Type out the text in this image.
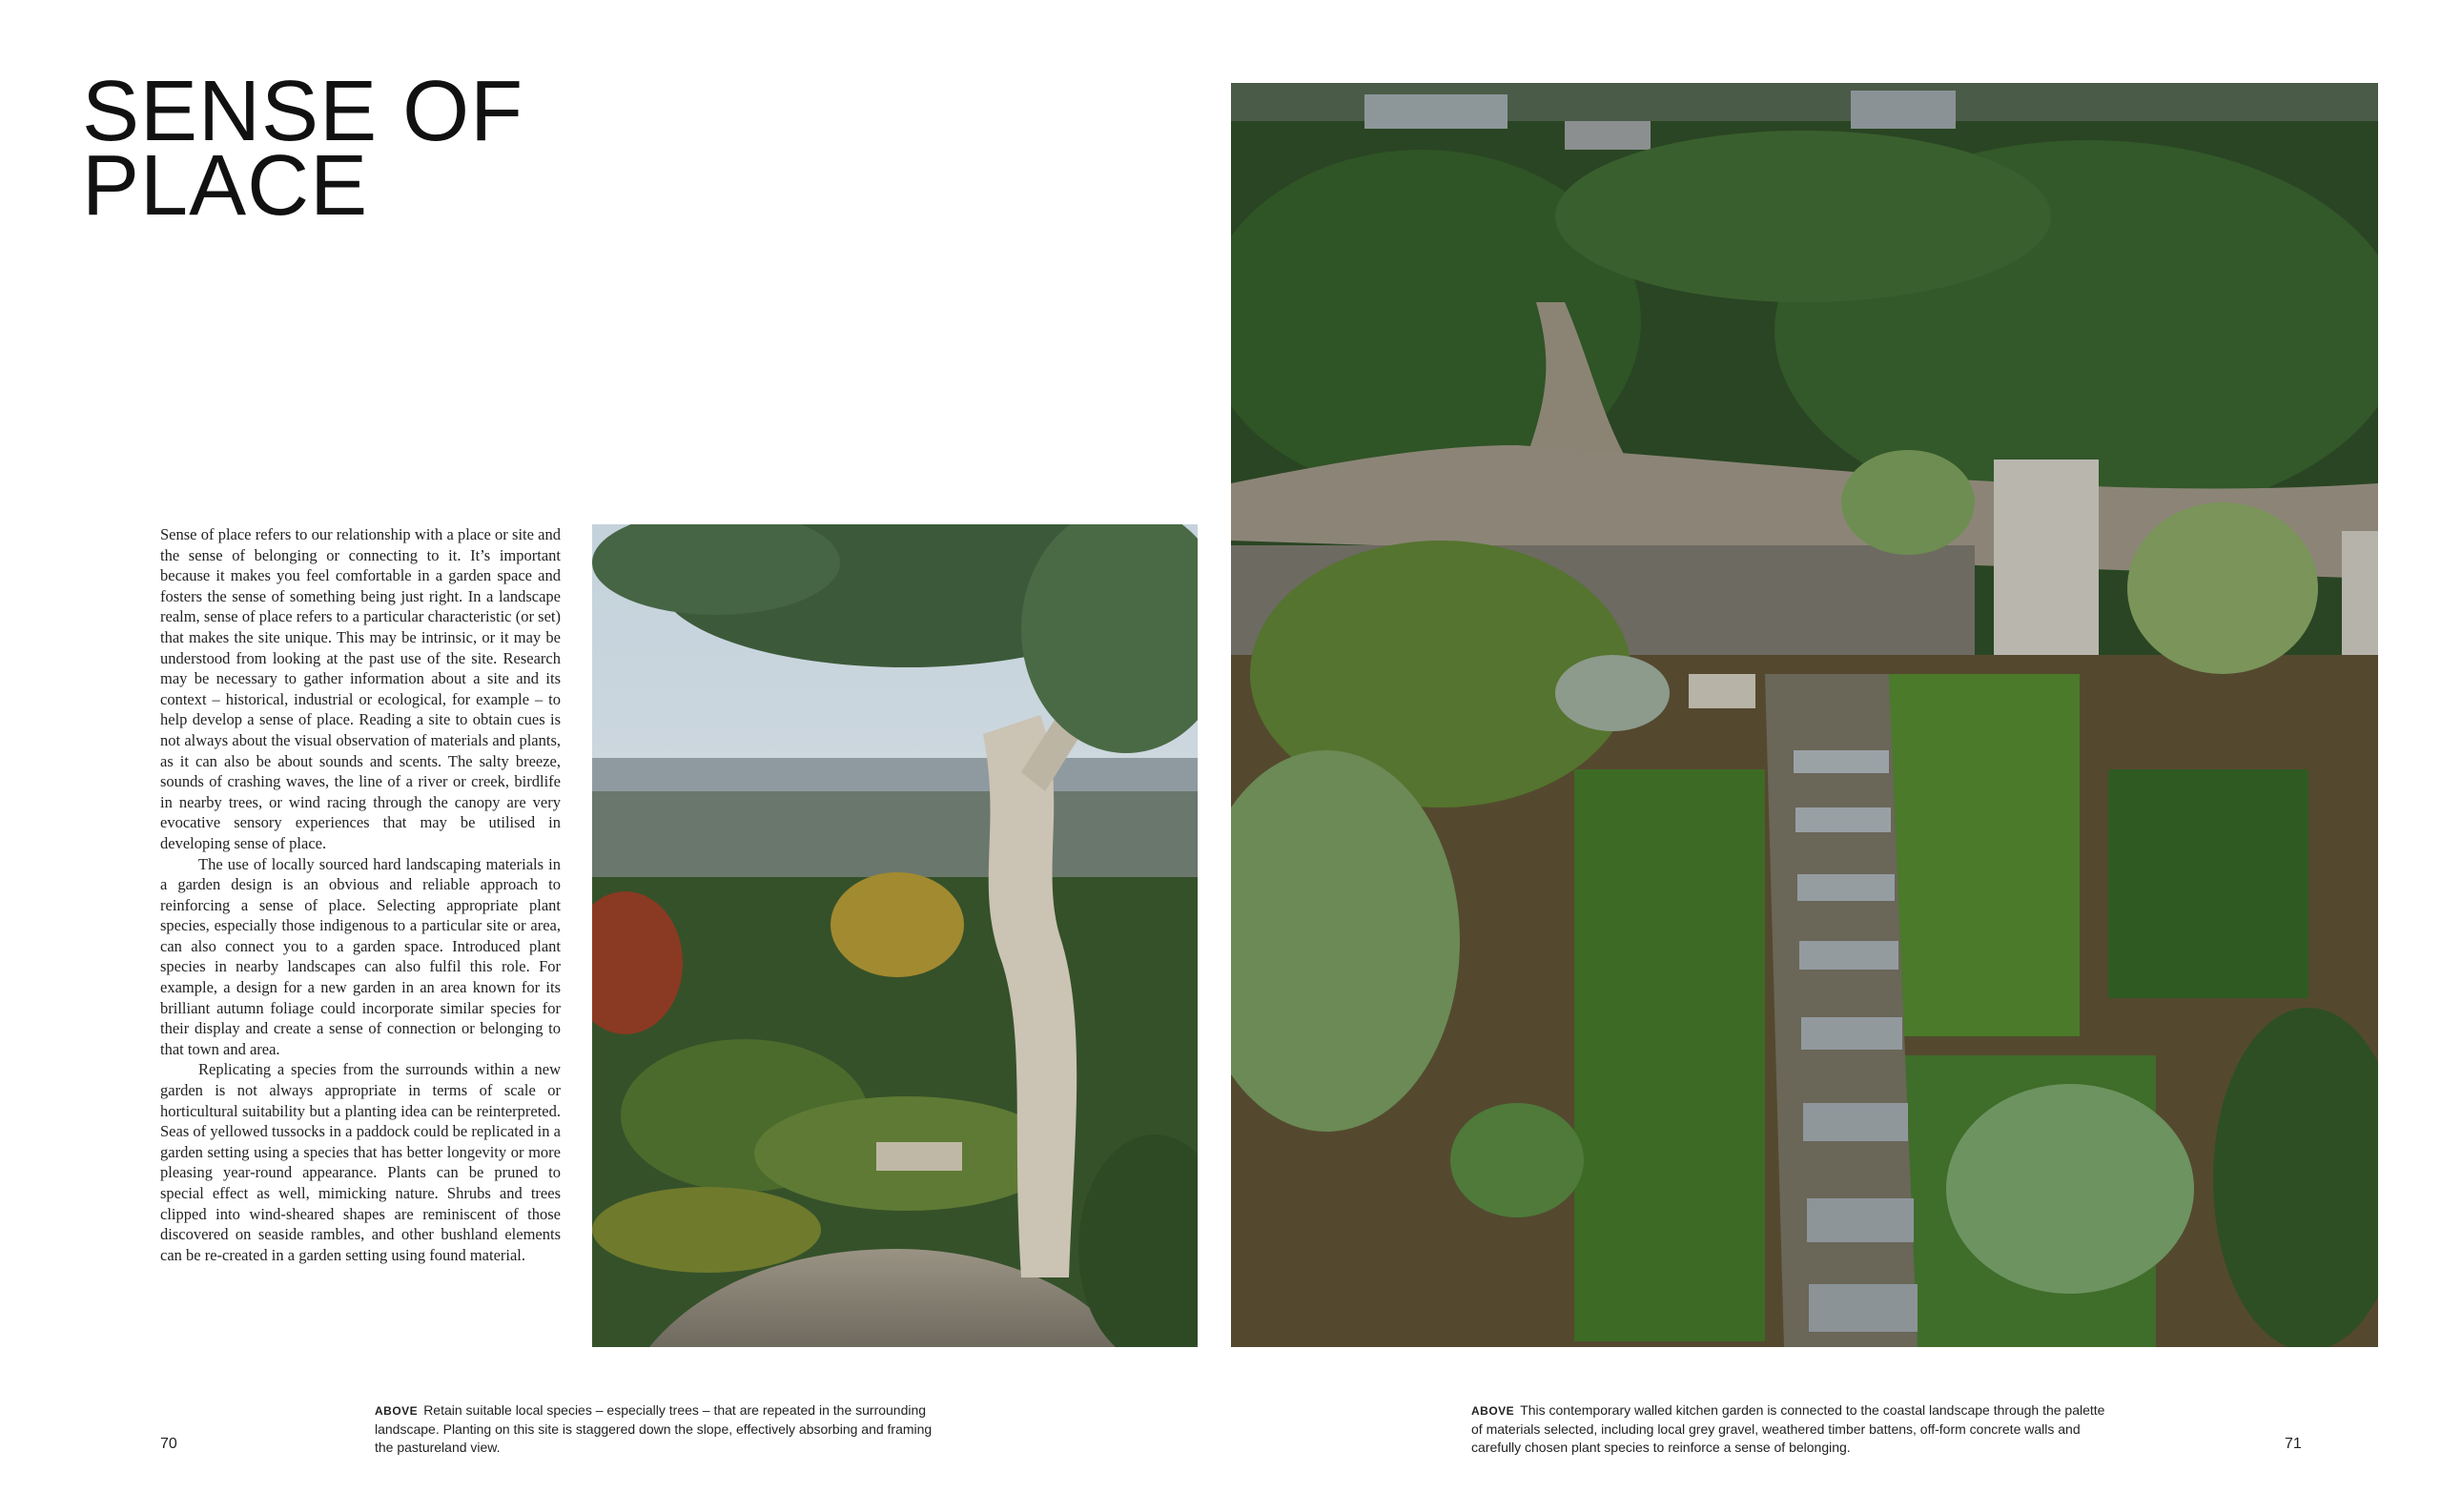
SENSE OF
PLACE

Sense of place refers to our relationship with a place or site and the sense of belonging or connecting to it. It’s important because it makes you feel comfortable in a garden space and fosters the sense of something being just right. In a landscape realm, sense of place refers to a particular characteristic (or set) that makes the site unique. This may be intrinsic, or it may be understood from looking at the past use of the site. Research may be necessary to gather information about a site and its context – historical, industrial or ecological, for example – to help develop a sense of place. Reading a site to obtain cues is not always about the visual observation of materials and plants, as it can also be about sounds and scents. The salty breeze, sounds of crashing waves, the line of a river or creek, birdlife in nearby trees, or wind racing through the canopy are very evocative sensory experiences that may be utilised in developing sense of place.

The use of locally sourced hard landscaping materials in a garden design is an obvious and reliable approach to reinforcing a sense of place. Selecting appropriate plant species, especially those indigenous to a particular site or area, can also connect you to a garden space. Introduced plant species in nearby landscapes can also fulfil this role. For example, a design for a new garden in an area known for its brilliant autumn foliage could incorporate similar species for their display and create a sense of connection or belonging to that town and area.

Replicating a species from the surrounds within a new garden is not always appropriate in terms of scale or horticultural suitability but a planting idea can be reinterpreted. Seas of yellowed tussocks in a paddock could be replicated in a garden setting using a species that has better longevity or more pleasing year-round appearance. Plants can be pruned to special effect as well, mimicking nature. Shrubs and trees clipped into wind-sheared shapes are reminiscent of those discovered on seaside rambles, and other bushland elements can be re-created in a garden setting using found material.

ABOVE Retain suitable local species – especially trees – that are repeated in the surrounding landscape. Planting on this site is staggered down the slope, effectively absorbing and framing the pastureland view.
ABOVE This contemporary walled kitchen garden is connected to the coastal landscape through the palette of materials selected, including local grey gravel, weathered timber battens, off-form concrete walls and carefully chosen plant species to reinforce a sense of belonging.
70	71
